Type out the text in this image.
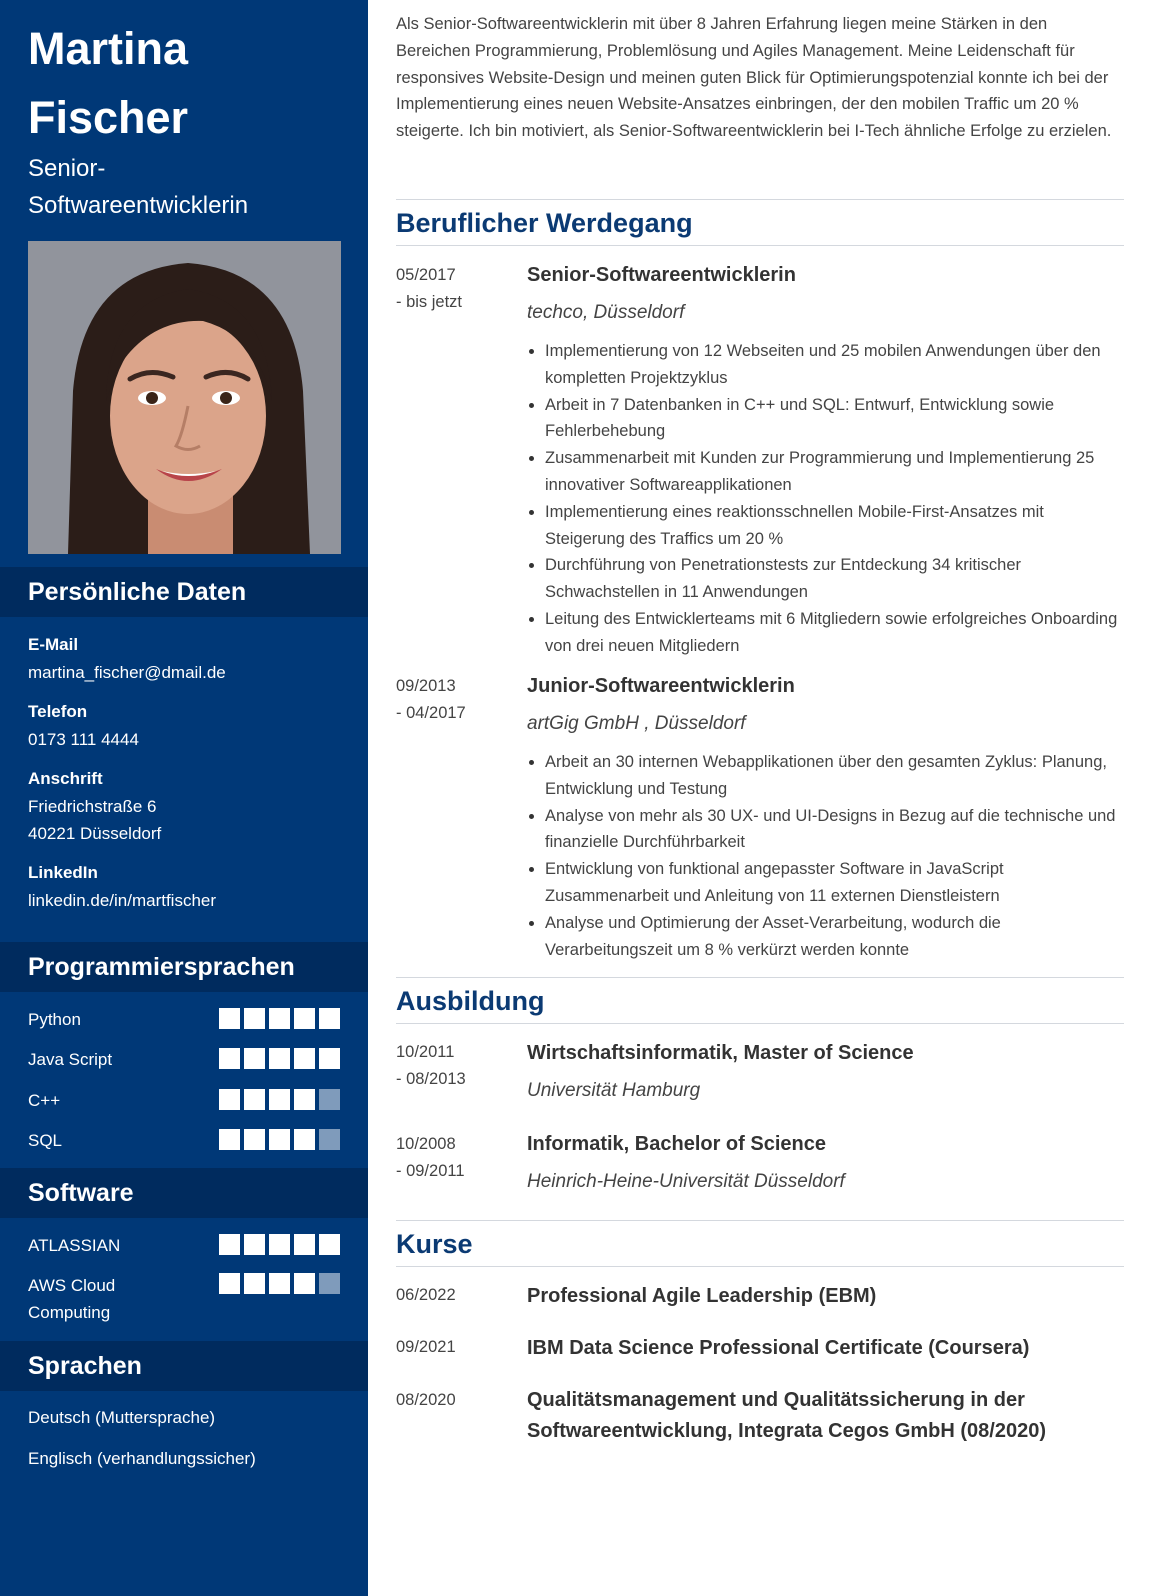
Martina
Fischer
Senior-
Softwareentwicklerin
Persönliche Daten
E-Mail
martina_fischer@dmail.de
Telefon
0173 111 4444
Anschrift
Friedrichstraße 6
40221 Düsseldorf
LinkedIn
linkedin.de/in/martfischer
Programmiersprachen
Python
Java Script
C++
SQL
Software
ATLASSIAN
AWS Cloud
Computing
Sprachen
Deutsch (Muttersprache)
Englisch (verhandlungssicher)
Als Senior-Softwareentwicklerin mit über 8 Jahren Erfahrung liegen meine Stärken in den Bereichen Programmierung, Problemlösung und Agiles Management. Meine Leidenschaft für responsives Website-Design und meinen guten Blick für Optimierungspotenzial konnte ich bei der Implementierung eines neuen Website-Ansatzes einbringen, der den mobilen Traffic um 20 % steigerte. Ich bin motiviert, als Senior-Softwareentwicklerin bei I-Tech ähnliche Erfolge zu erzielen.
Beruflicher Werdegang
05/2017
- bis jetzt
Senior-Softwareentwicklerin
techco, Düsseldorf
Implementierung von 12 Webseiten und 25 mobilen Anwendungen über den kompletten Projektzyklus
Arbeit in 7 Datenbanken in C++ und SQL: Entwurf, Entwicklung sowie Fehlerbehebung
Zusammenarbeit mit Kunden zur Programmierung und Implementierung 25 innovativer Softwareapplikationen
Implementierung eines reaktionsschnellen Mobile-First-Ansatzes mit Steigerung des Traffics um 20 %
Durchführung von Penetrationstests zur Entdeckung 34 kritischer Schwachstellen in 11 Anwendungen
Leitung des Entwicklerteams mit 6 Mitgliedern sowie erfolgreiches Onboarding von drei neuen Mitgliedern
09/2013
- 04/2017
Junior-Softwareentwicklerin
artGig GmbH , Düsseldorf
Arbeit an 30 internen Webapplikationen über den gesamten Zyklus: Planung, Entwicklung und Testung
Analyse von mehr als 30 UX- und UI-Designs in Bezug auf die technische und finanzielle Durchführbarkeit
Entwicklung von funktional angepasster Software in JavaScript Zusammenarbeit und Anleitung von 11 externen Dienstleistern
Analyse und Optimierung der Asset-Verarbeitung, wodurch die Verarbeitungszeit um 8 % verkürzt werden konnte
Ausbildung
10/2011
- 08/2013
Wirtschaftsinformatik, Master of Science
Universität Hamburg
10/2008
- 09/2011
Informatik, Bachelor of Science
Heinrich-Heine-Universität Düsseldorf
Kurse
06/2022	Professional Agile Leadership (EBM)
09/2021	IBM Data Science Professional Certificate (Coursera)
08/2020	Qualitätsmanagement und Qualitätssicherung in der
Softwareentwicklung, Integrata Cegos GmbH (08/2020)
